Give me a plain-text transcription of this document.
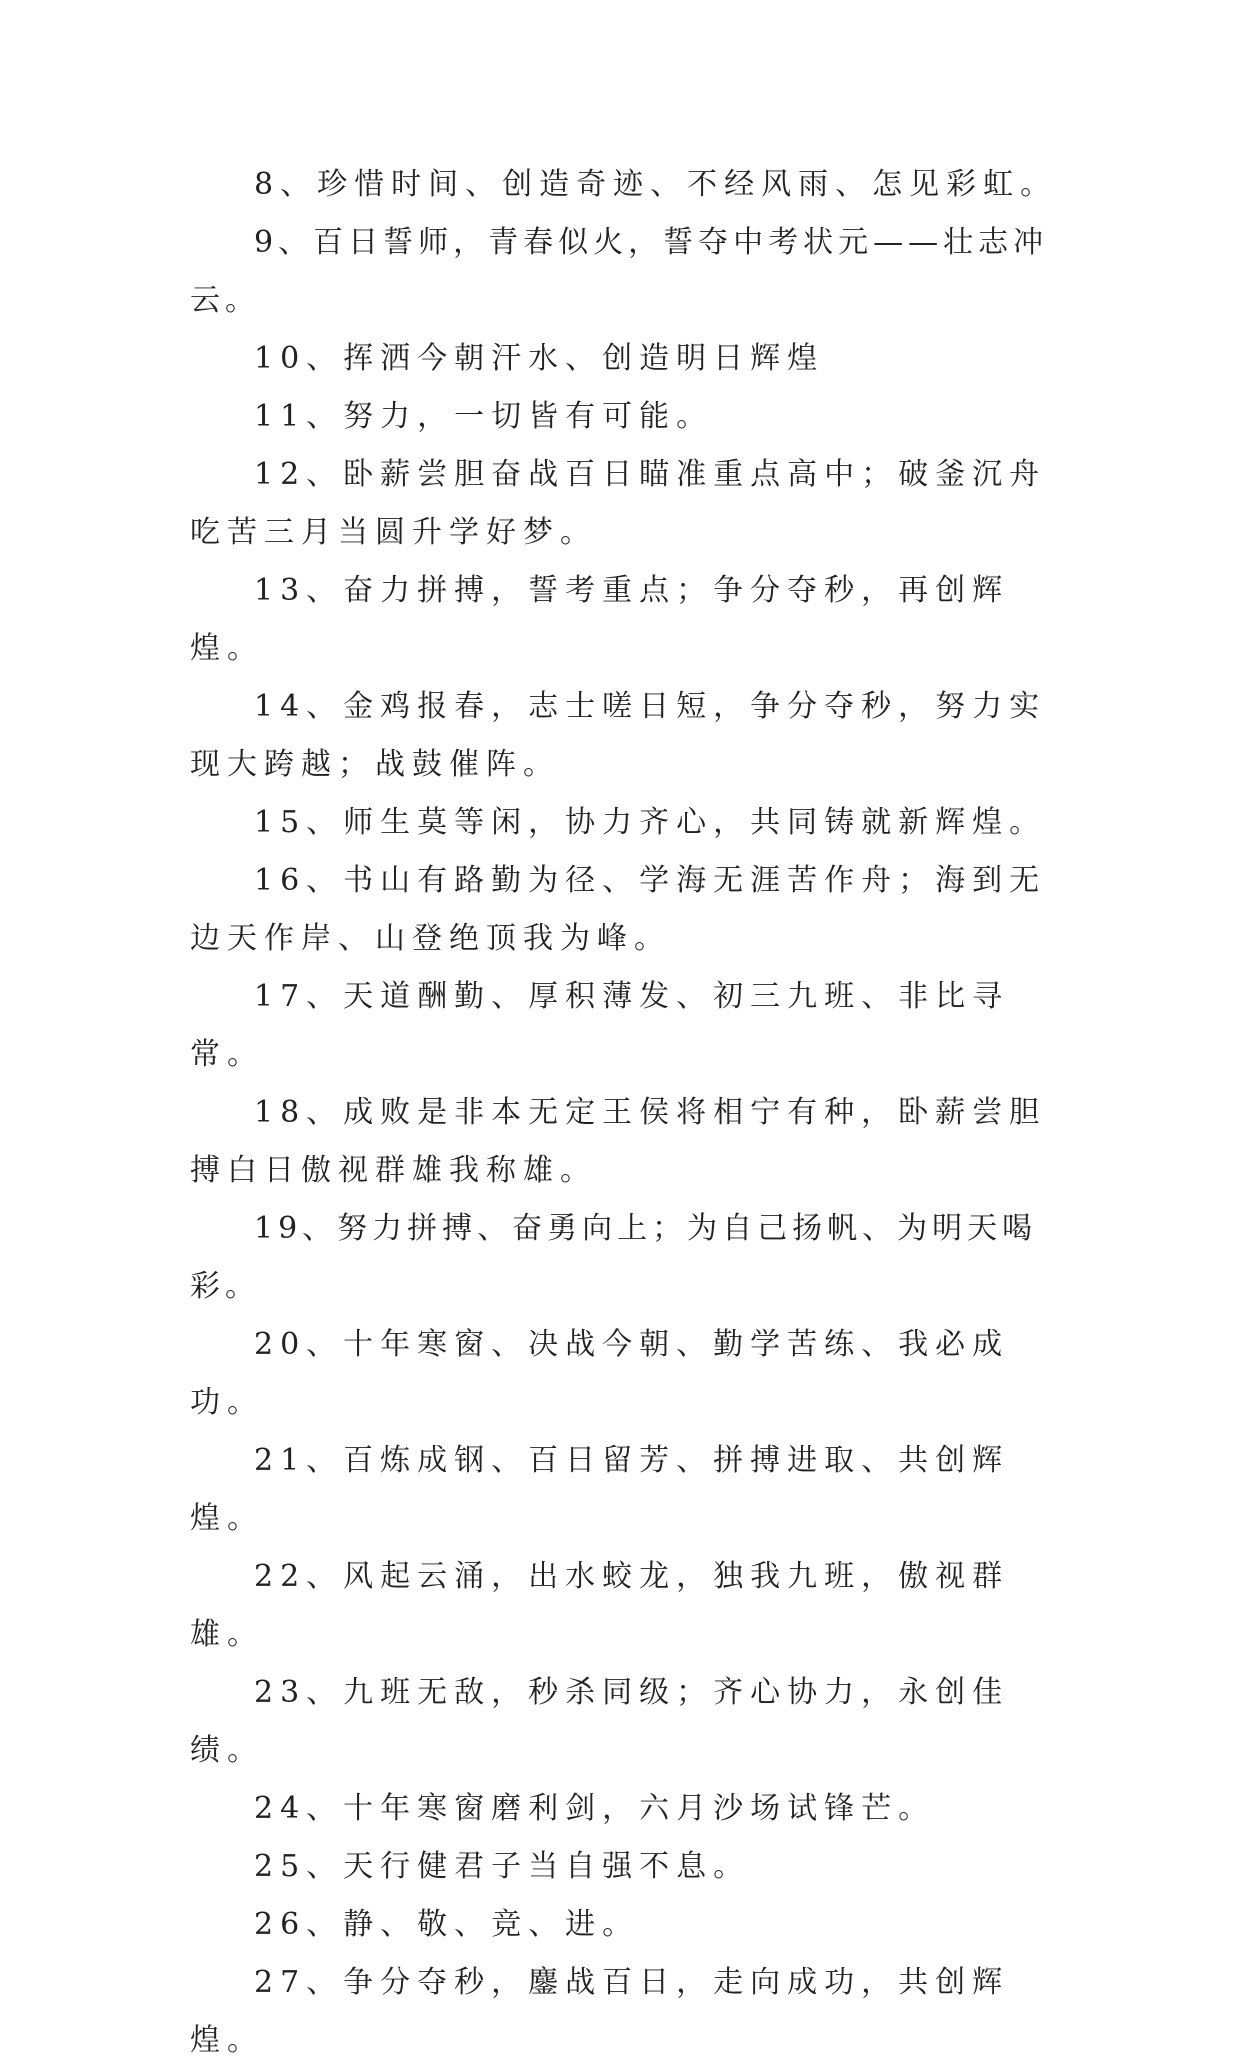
8、珍惜时间、创造奇迹、不经风雨、怎见彩虹。

9、百日誓师，青春似火，誓夺中考状元——壮志冲云。

10、挥洒今朝汗水、创造明日辉煌

11、努力，一切皆有可能。

12、卧薪尝胆奋战百日瞄准重点高中；破釜沉舟吃苦三月当圆升学好梦。

13、奋力拼搏，誓考重点；争分夺秒，再创辉煌。

14、金鸡报春，志士嗟日短，争分夺秒，努力实现大跨越；战鼓催阵。

15、师生莫等闲，协力齐心，共同铸就新辉煌。

16、书山有路勤为径、学海无涯苦作舟；海到无边天作岸、山登绝顶我为峰。

17、天道酬勤、厚积薄发、初三九班、非比寻常。

18、成败是非本无定王侯将相宁有种，卧薪尝胆搏白日傲视群雄我称雄。

19、努力拼搏、奋勇向上；为自己扬帆、为明天喝彩。

20、十年寒窗、决战今朝、勤学苦练、我必成功。

21、百炼成钢、百日留芳、拼搏进取、共创辉煌。

22、风起云涌，出水蛟龙，独我九班，傲视群雄。

23、九班无敌，秒杀同级；齐心协力，永创佳绩。

24、十年寒窗磨利剑，六月沙场试锋芒。

25、天行健君子当自强不息。

26、静、敬、竞、进。

27、争分夺秒，鏖战百日，走向成功，共创辉煌。
